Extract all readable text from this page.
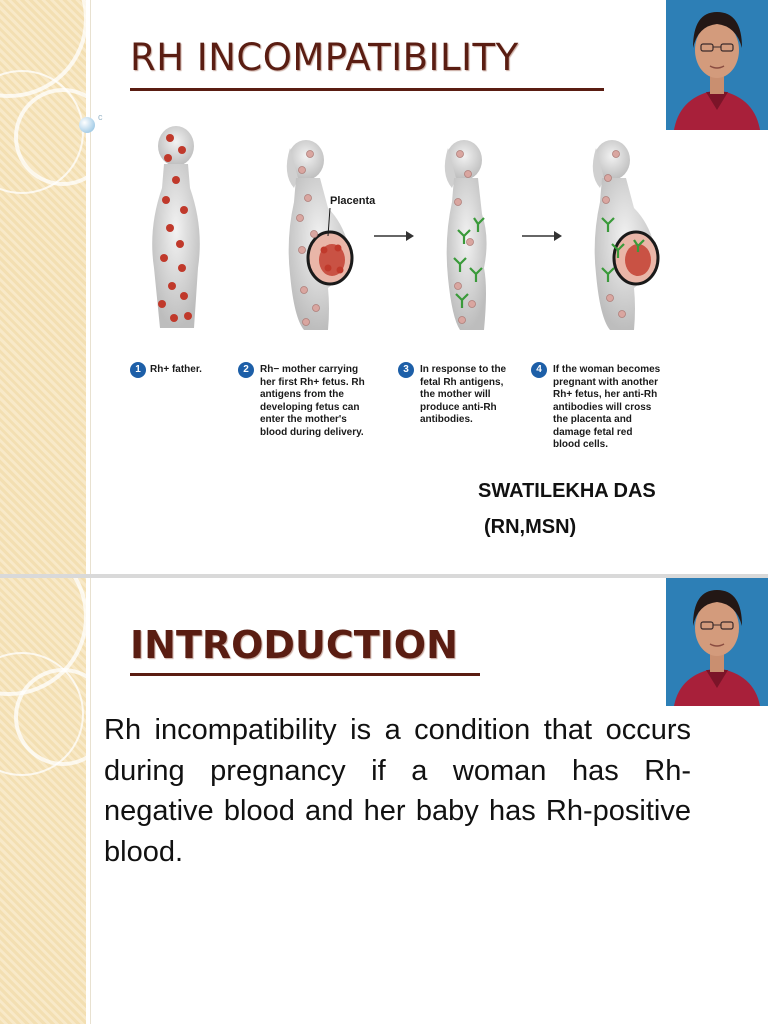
c
RH INCOMPATIBILITY
Placenta
1 Rh+ father.	2	Rh− mother carrying
her first Rh+ fetus. Rh
antigens from the
developing fetus can
enter the mother's
blood during delivery.
3	In response to the
fetal Rh antigens,
the mother will
produce anti-Rh
antibodies.
4	If the woman becomes
pregnant with another
Rh+ fetus, her anti-Rh
antibodies will cross
the placenta and
damage fetal red
blood cells.
SWATILEKHA DAS
(RN,MSN)
INTRODUCTION
Rh incompatibility is a condition that occurs during pregnancy if a woman has Rh-negative blood and her baby has Rh-positive blood.
